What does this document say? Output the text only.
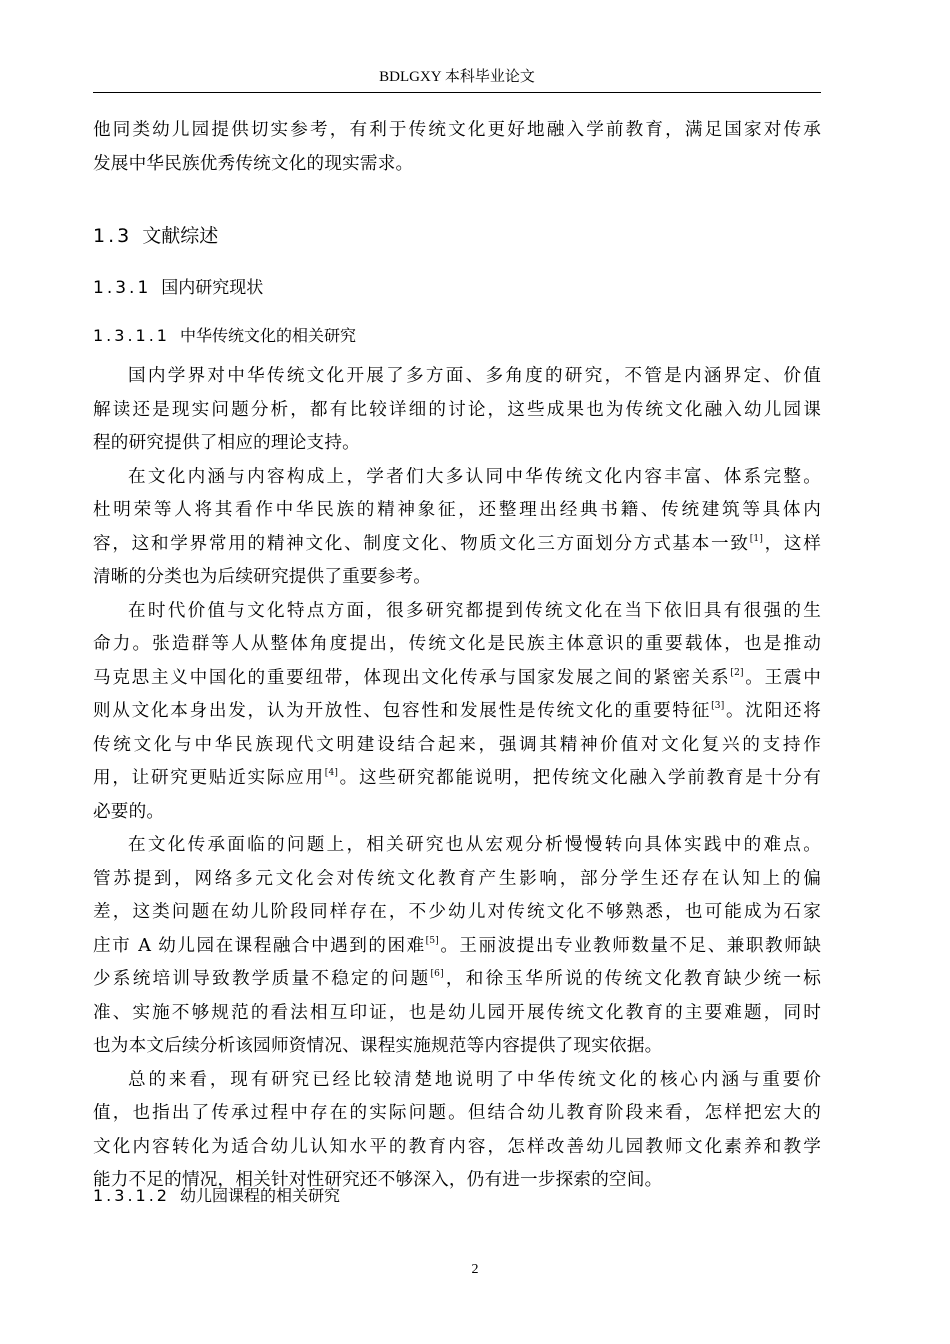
BDLGXY 本科毕业论文

他同类幼儿园提供切实参考，有利于传统文化更好地融入学前教育，满足国家对传承

发展中华民族优秀传统文化的现实需求。

1.3 文献综述
1.3.1 国内研究现状
1.3.1.1 中华传统文化的相关研究

国内学界对中华传统文化开展了多方面、多角度的研究，不管是内涵界定、价值

解读还是现实问题分析，都有比较详细的讨论，这些成果也为传统文化融入幼儿园课

程的研究提供了相应的理论支持。

在文化内涵与内容构成上，学者们大多认同中华传统文化内容丰富、体系完整。

杜明荣等人将其看作中华民族的精神象征，还整理出经典书籍、传统建筑等具体内

容，这和学界常用的精神文化、制度文化、物质文化三方面划分方式基本一致[1]，这样

清晰的分类也为后续研究提供了重要参考。

在时代价值与文化特点方面，很多研究都提到传统文化在当下依旧具有很强的生

命力。张造群等人从整体角度提出，传统文化是民族主体意识的重要载体，也是推动

马克思主义中国化的重要纽带，体现出文化传承与国家发展之间的紧密关系[2]。王震中

则从文化本身出发，认为开放性、包容性和发展性是传统文化的重要特征[3]。沈阳还将

传统文化与中华民族现代文明建设结合起来，强调其精神价值对文化复兴的支持作

用，让研究更贴近实际应用[4]。这些研究都能说明，把传统文化融入学前教育是十分有

必要的。

在文化传承面临的问题上，相关研究也从宏观分析慢慢转向具体实践中的难点。

管苏提到，网络多元文化会对传统文化教育产生影响，部分学生还存在认知上的偏

差，这类问题在幼儿阶段同样存在，不少幼儿对传统文化不够熟悉，也可能成为石家

庄市 A 幼儿园在课程融合中遇到的困难[5]。王丽波提出专业教师数量不足、兼职教师缺

少系统培训导致教学质量不稳定的问题[6]，和徐玉华所说的传统文化教育缺少统一标

准、实施不够规范的看法相互印证，也是幼儿园开展传统文化教育的主要难题，同时

也为本文后续分析该园师资情况、课程实施规范等内容提供了现实依据。

总的来看，现有研究已经比较清楚地说明了中华传统文化的核心内涵与重要价

值，也指出了传承过程中存在的实际问题。但结合幼儿教育阶段来看，怎样把宏大的

文化内容转化为适合幼儿认知水平的教育内容，怎样改善幼儿园教师文化素养和教学

能力不足的情况，相关针对性研究还不够深入，仍有进一步探索的空间。

1.3.1.2 幼儿园课程的相关研究
2
